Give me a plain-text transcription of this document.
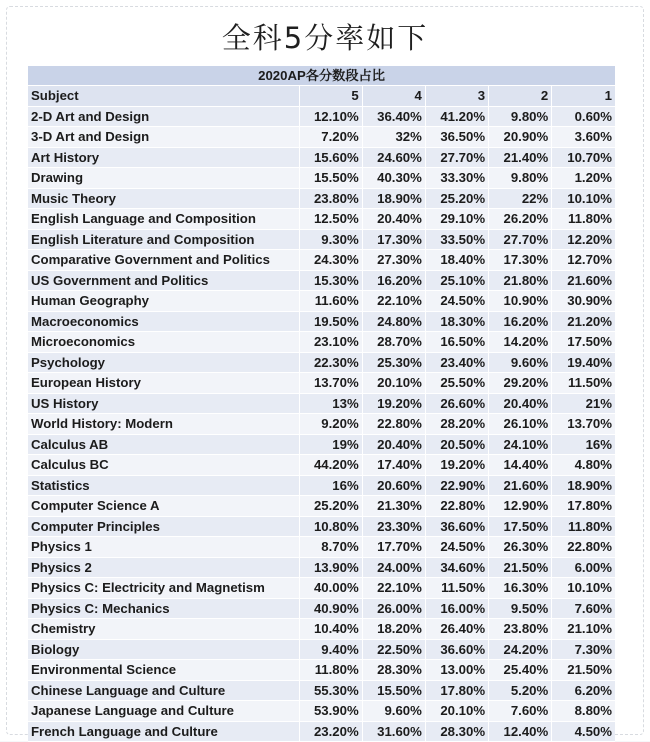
全科5分率如下
2020AP各分数段占比					
Subject	5	4	3	2	1
2-D Art and Design	12.10%	36.40%	41.20%	9.80%	0.60%
3-D Art and Design	7.20%	32%	36.50%	20.90%	3.60%
Art History	15.60%	24.60%	27.70%	21.40%	10.70%
Drawing	15.50%	40.30%	33.30%	9.80%	1.20%
Music Theory	23.80%	18.90%	25.20%	22%	10.10%
English Language and Composition	12.50%	20.40%	29.10%	26.20%	11.80%
English Literature and Composition	9.30%	17.30%	33.50%	27.70%	12.20%
Comparative Government and Politics	24.30%	27.30%	18.40%	17.30%	12.70%
US Government and Politics	15.30%	16.20%	25.10%	21.80%	21.60%
Human Geography	11.60%	22.10%	24.50%	10.90%	30.90%
Macroeconomics	19.50%	24.80%	18.30%	16.20%	21.20%
Microeconomics	23.10%	28.70%	16.50%	14.20%	17.50%
Psychology	22.30%	25.30%	23.40%	9.60%	19.40%
European History	13.70%	20.10%	25.50%	29.20%	11.50%
US History	13%	19.20%	26.60%	20.40%	21%
World History: Modern	9.20%	22.80%	28.20%	26.10%	13.70%
Calculus AB	19%	20.40%	20.50%	24.10%	16%
Calculus BC	44.20%	17.40%	19.20%	14.40%	4.80%
Statistics	16%	20.60%	22.90%	21.60%	18.90%
Computer Science A	25.20%	21.30%	22.80%	12.90%	17.80%
Computer Principles	10.80%	23.30%	36.60%	17.50%	11.80%
Physics 1	8.70%	17.70%	24.50%	26.30%	22.80%
Physics 2	13.90%	24.00%	34.60%	21.50%	6.00%
Physics C: Electricity and Magnetism	40.00%	22.10%	11.50%	16.30%	10.10%
Physics C: Mechanics	40.90%	26.00%	16.00%	9.50%	7.60%
Chemistry	10.40%	18.20%	26.40%	23.80%	21.10%
Biology	9.40%	22.50%	36.60%	24.20%	7.30%
Environmental Science	11.80%	28.30%	13.00%	25.40%	21.50%
Chinese Language and Culture	55.30%	15.50%	17.80%	5.20%	6.20%
Japanese Language and Culture	53.90%	9.60%	20.10%	7.60%	8.80%
French Language and Culture	23.20%	31.60%	28.30%	12.40%	4.50%
